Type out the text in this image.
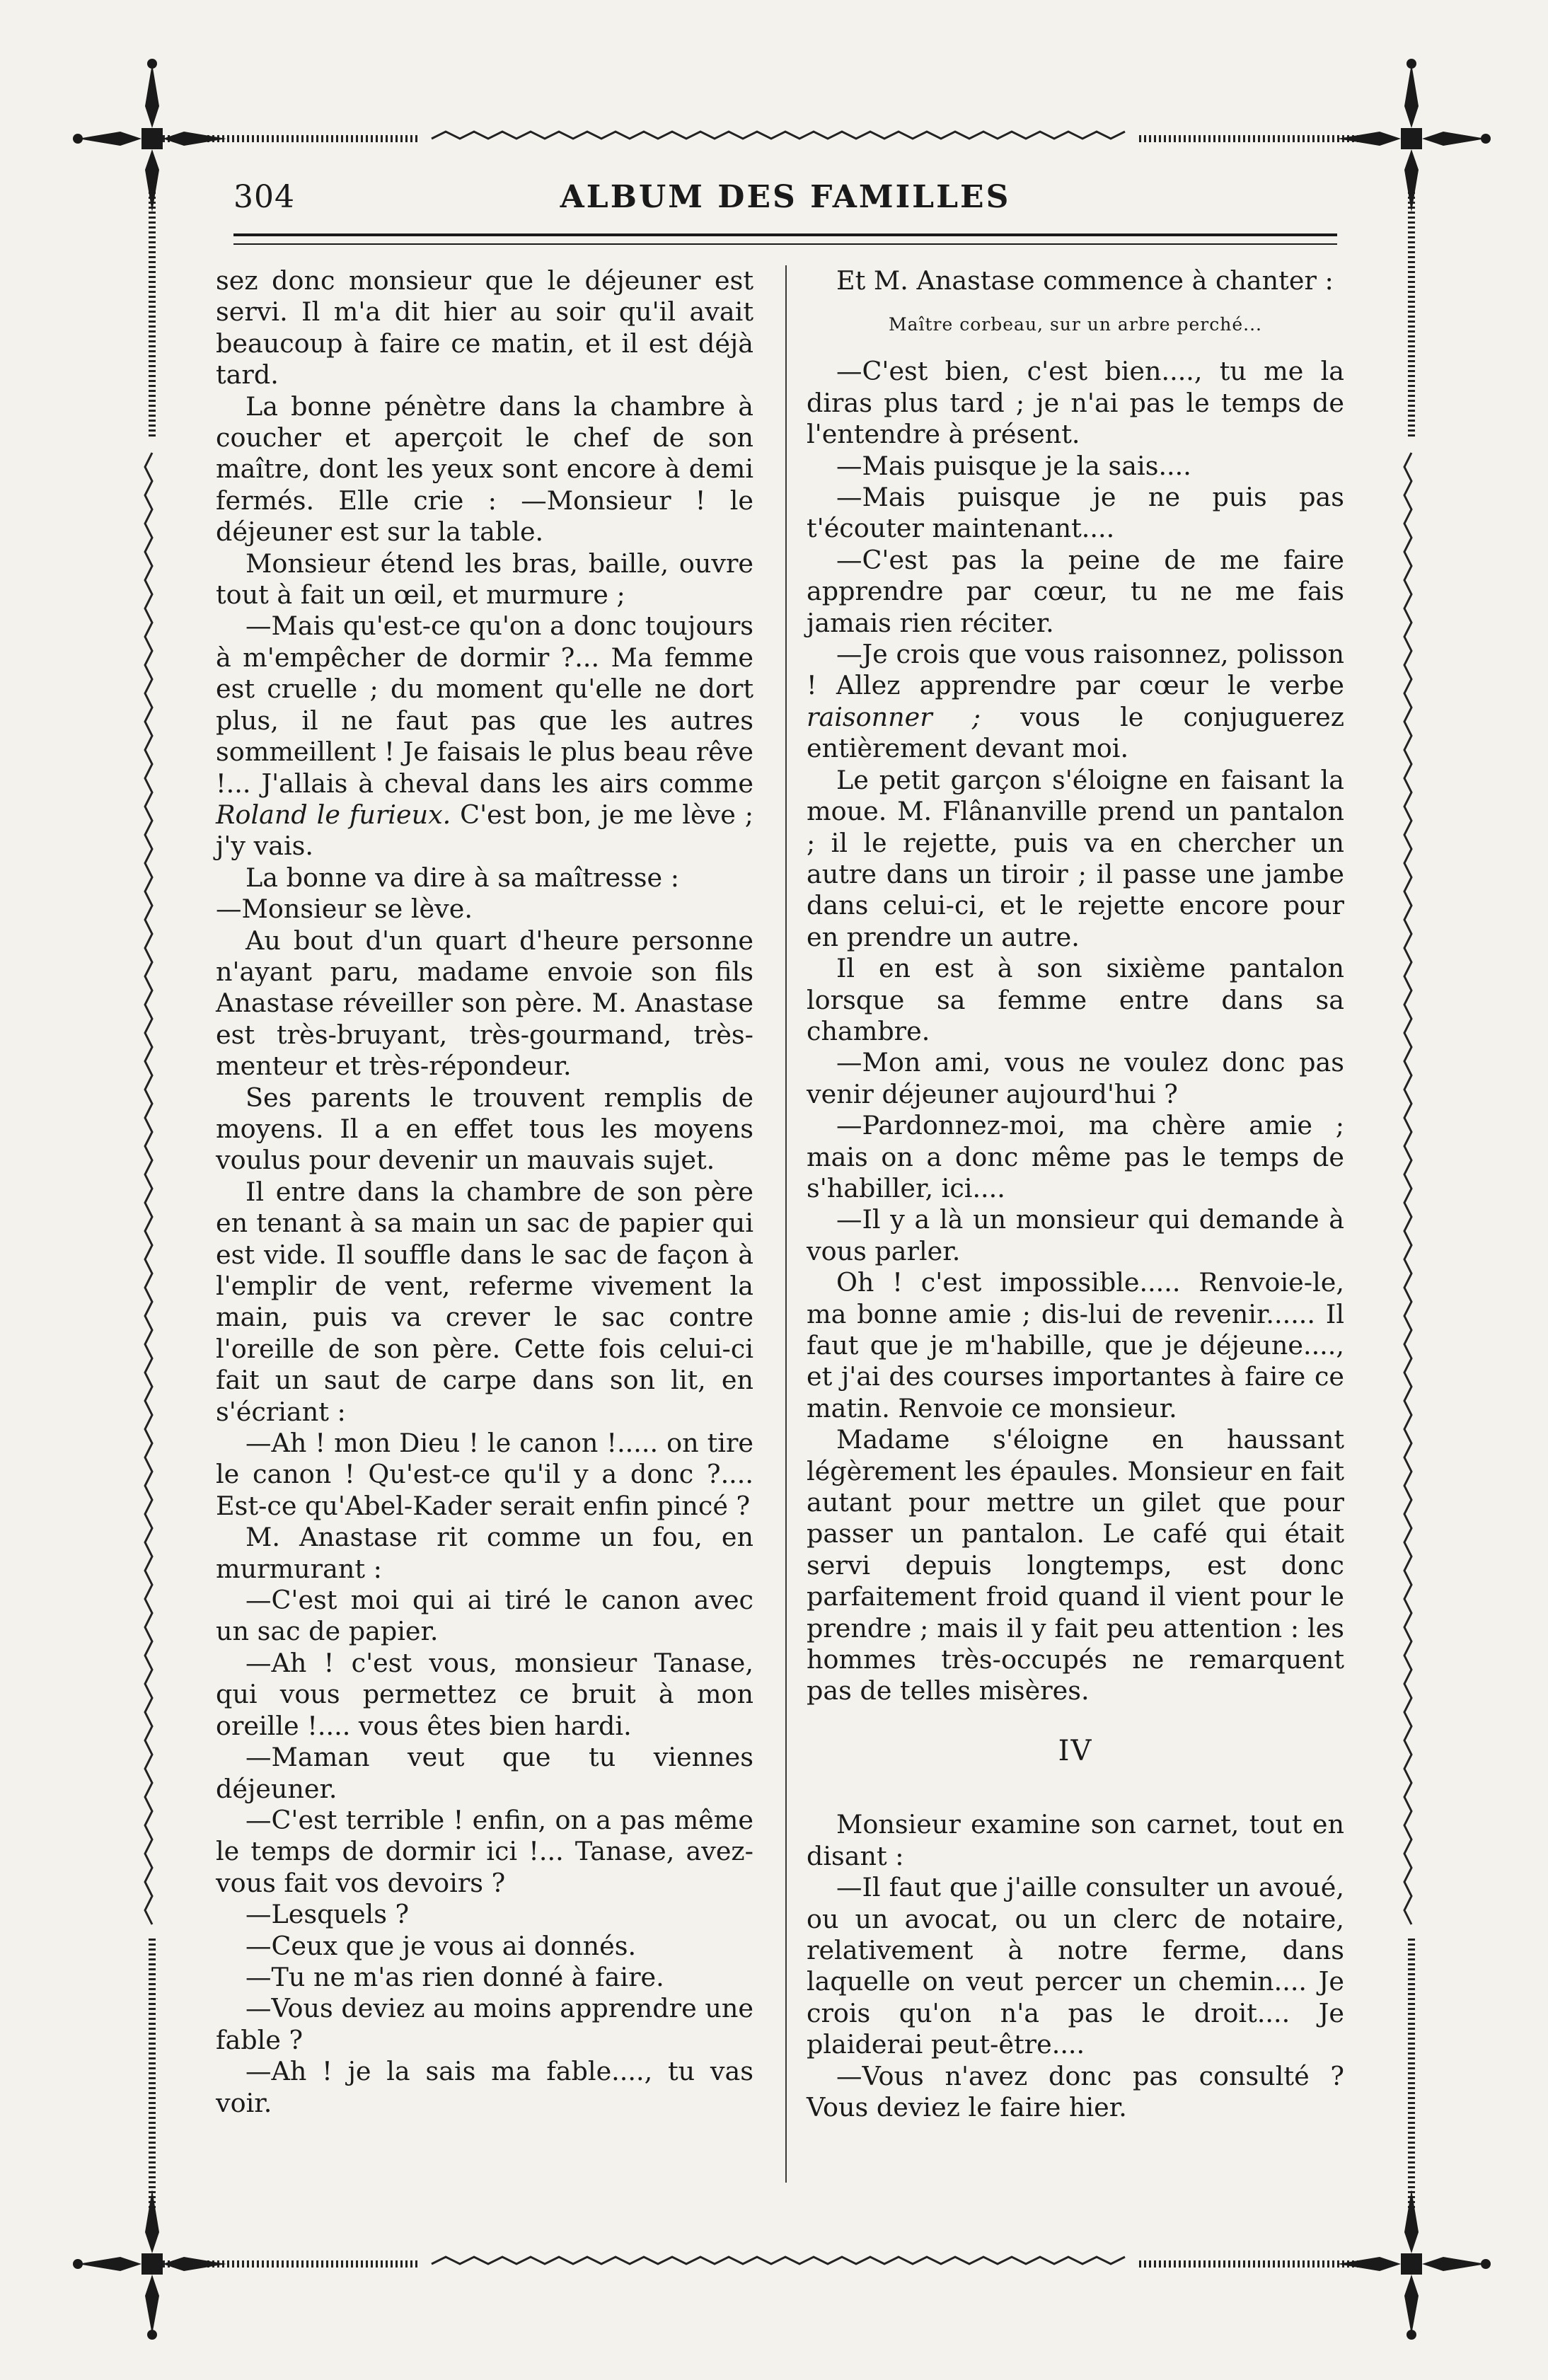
304	ALBUM DES FAMILLES

sez donc monsieur que le déjeuner est servi. Il m'a dit hier au soir qu'il avait beaucoup à faire ce matin, et il est déjà tard.

La bonne pénètre dans la chambre à coucher et aperçoit le chef de son maître, dont les yeux sont encore à demi fermés. Elle crie : —Monsieur ! le déjeuner est sur la table.

Monsieur étend les bras, baille, ouvre tout à fait un œil, et murmure ;

—Mais qu'est-ce qu'on a donc toujours à m'empêcher de dormir ?... Ma femme est cruelle ; du moment qu'elle ne dort plus, il ne faut pas que les autres sommeillent ! Je faisais le plus beau rêve !... J'allais à cheval dans les airs comme Roland le furieux. C'est bon, je me lève ; j'y vais.

La bonne va dire à sa maîtresse :

—Monsieur se lève.

Au bout d'un quart d'heure personne n'ayant paru, madame envoie son fils Anastase réveiller son père. M. Anastase est très-bruyant, très-gourmand, très-menteur et très-répondeur.

Ses parents le trouvent remplis de moyens. Il a en effet tous les moyens voulus pour devenir un mauvais sujet.

Il entre dans la chambre de son père en tenant à sa main un sac de papier qui est vide. Il souffle dans le sac de façon à l'emplir de vent, referme vivement la main, puis va crever le sac contre l'oreille de son père. Cette fois celui-ci fait un saut de carpe dans son lit, en s'écriant :

—Ah ! mon Dieu ! le canon !..... on tire le canon ! Qu'est-ce qu'il y a donc ?.... Est-ce qu'Abel-Kader serait enfin pincé ?

M. Anastase rit comme un fou, en murmurant :

—C'est moi qui ai tiré le canon avec un sac de papier.

—Ah ! c'est vous, monsieur Tanase, qui vous permettez ce bruit à mon oreille !.... vous êtes bien hardi.

—Maman veut que tu viennes déjeuner.

—C'est terrible ! enfin, on a pas même le temps de dormir ici !... Tanase, avez-vous fait vos devoirs ?

—Lesquels ?

—Ceux que je vous ai donnés.

—Tu ne m'as rien donné à faire.

—Vous deviez au moins apprendre une fable ?

—Ah ! je la sais ma fable...., tu vas voir.

Et M. Anastase commence à chanter :

Maître corbeau, sur un arbre perché...

—C'est bien, c'est bien...., tu me la diras plus tard ; je n'ai pas le temps de l'entendre à présent.

—Mais puisque je la sais....

—Mais puisque je ne puis pas t'écouter maintenant....

—C'est pas la peine de me faire apprendre par cœur, tu ne me fais jamais rien réciter.

—Je crois que vous raisonnez, polisson ! Allez apprendre par cœur le verbe raisonner ; vous le conjuguerez entièrement devant moi.

Le petit garçon s'éloigne en faisant la moue. M. Flânanville prend un pantalon ; il le rejette, puis va en chercher un autre dans un tiroir ; il passe une jambe dans celui-ci, et le rejette encore pour en prendre un autre.

Il en est à son sixième pantalon lorsque sa femme entre dans sa chambre.

—Mon ami, vous ne voulez donc pas venir déjeuner aujourd'hui ?

—Pardonnez-moi, ma chère amie ; mais on a donc même pas le temps de s'habiller, ici....

—Il y a là un monsieur qui demande à vous parler.

Oh ! c'est impossible..... Renvoie-le, ma bonne amie ; dis-lui de revenir...... Il faut que je m'habille, que je déjeune...., et j'ai des courses importantes à faire ce matin. Renvoie ce monsieur.

Madame s'éloigne en haussant légèrement les épaules. Monsieur en fait autant pour mettre un gilet que pour passer un pantalon. Le café qui était servi depuis longtemps, est donc parfaitement froid quand il vient pour le prendre ; mais il y fait peu attention : les hommes très-occupés ne remarquent pas de telles misères.

IV

Monsieur examine son carnet, tout en disant :

—Il faut que j'aille consulter un avoué, ou un avocat, ou un clerc de notaire, relativement à notre ferme, dans laquelle on veut percer un chemin.... Je crois qu'on n'a pas le droit.... Je plaiderai peut-être....

—Vous n'avez donc pas consulté ? Vous deviez le faire hier.
